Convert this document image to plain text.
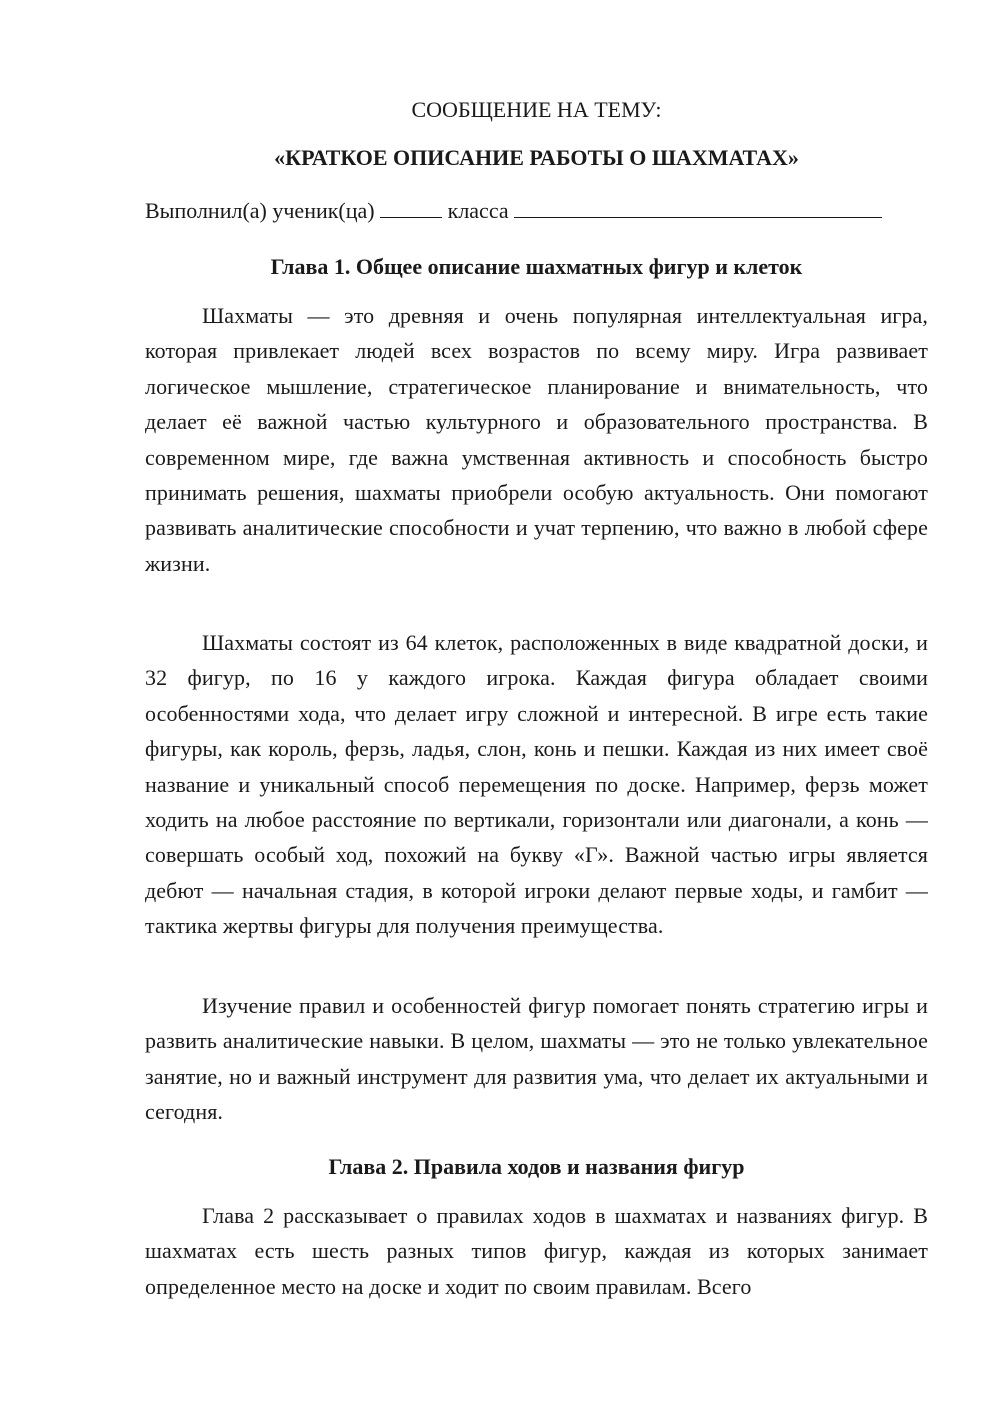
СООБЩЕНИЕ НА ТЕМУ:

«КРАТКОЕ ОПИСАНИЕ РАБОТЫ О ШАХМАТАХ»

Выполнил(а) ученик(ца)	класса

Глава 1. Общее описание шахматных фигур и клеток

Шахматы — это древняя и очень популярная интеллектуальная игра, которая привлекает людей всех возрастов по всему миру. Игра развивает логическое мышление, стратегическое планирование и внимательность, что делает её важной частью культурного и образовательного пространства. В современном мире, где важна умственная активность и способность быстро принимать решения, шахматы приобрели особую актуальность. Они помогают развивать аналитические способности и учат терпению, что важно в любой сфере жизни.

Шахматы состоят из 64 клеток, расположенных в виде квадратной доски, и 32 фигур, по 16 у каждого игрока. Каждая фигура обладает своими особенностями хода, что делает игру сложной и интересной. В игре есть такие фигуры, как король, ферзь, ладья, слон, конь и пешки. Каждая из них имеет своё название и уникальный способ перемещения по доске. Например, ферзь может ходить на любое расстояние по вертикали, горизонтали или диагонали, а конь — совершать особый ход, похожий на букву «Г». Важной частью игры является дебют — начальная стадия, в которой игроки делают первые ходы, и гамбит — тактика жертвы фигуры для получения преимущества.

Изучение правил и особенностей фигур помогает понять стратегию игры и развить аналитические навыки. В целом, шахматы — это не только увлекательное занятие, но и важный инструмент для развития ума, что делает их актуальными и сегодня.

Глава 2. Правила ходов и названия фигур

Глава 2 рассказывает о правилах ходов в шахматах и названиях фигур. В шахматах есть шесть разных типов фигур, каждая из которых занимает определенное место на доске и ходит по своим правилам. Всего
